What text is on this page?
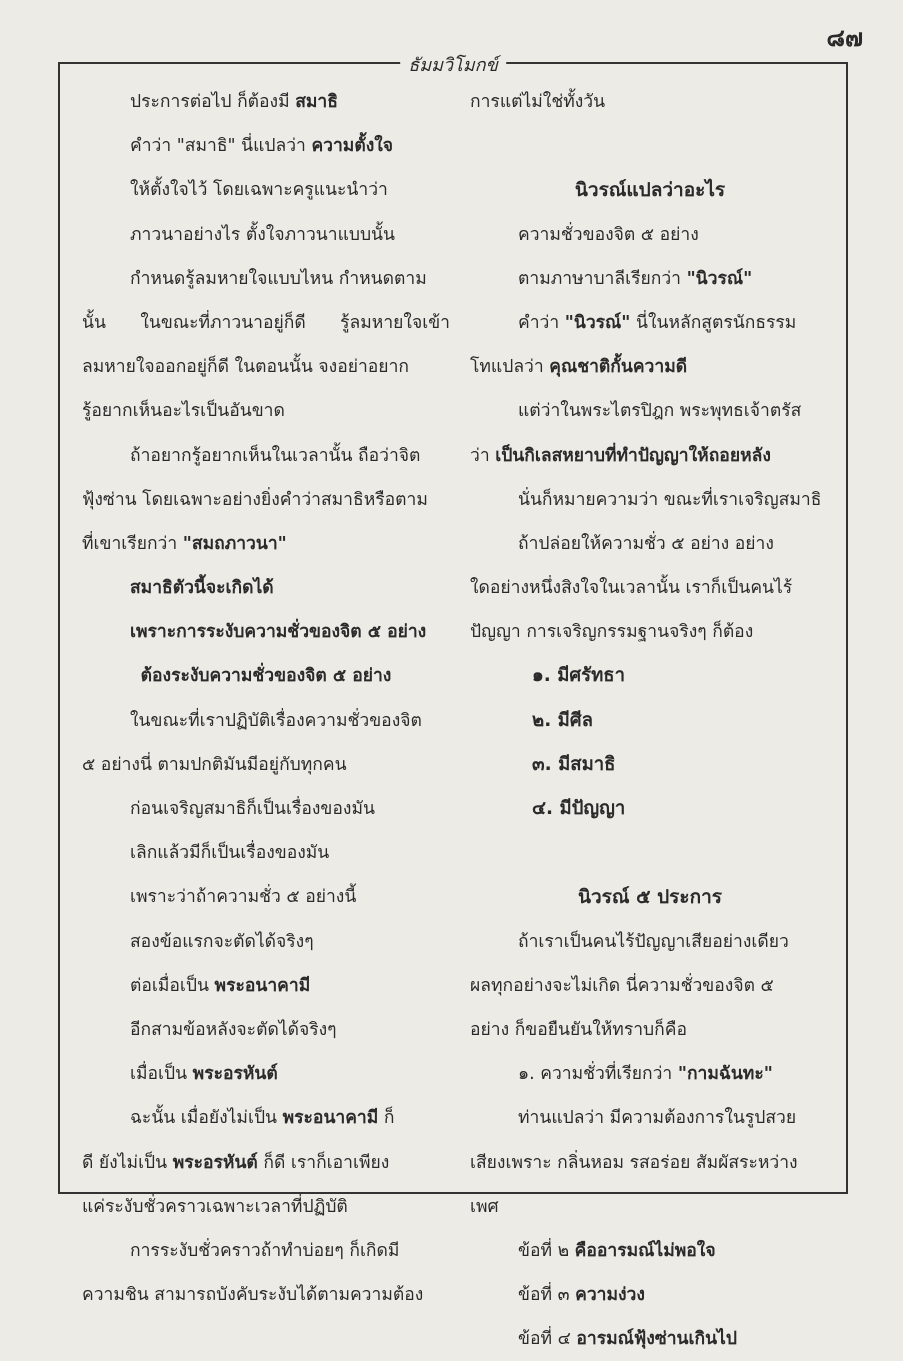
๘๗
ธัมมวิโมกข์
ประการต่อไป ก็ต้องมี สมาธิ
คำว่า "สมาธิ" นี่แปลว่า ความตั้งใจ
ให้ตั้งใจไว้ โดยเฉพาะครูแนะนำว่า
ภาวนาอย่างไร ตั้งใจภาวนาแบบนั้น
กำหนดรู้ลมหายใจแบบไหน กำหนดตาม
นั้น ในขณะที่ภาวนาอยู่ก็ดี รู้ลมหายใจเข้า
ลมหายใจออกอยู่ก็ดี ในตอนนั้น จงอย่าอยาก
รู้อยากเห็นอะไรเป็นอันขาด
ถ้าอยากรู้อยากเห็นในเวลานั้น ถือว่าจิต
ฟุ้งซ่าน โดยเฉพาะอย่างยิ่งคำว่าสมาธิหรือตาม
ที่เขาเรียกว่า "สมถภาวนา"
สมาธิตัวนี้จะเกิดได้
เพราะการระงับความชั่วของจิต ๕ อย่าง
ต้องระงับความชั่วของจิต ๕ อย่าง
ในขณะที่เราปฏิบัติเรื่องความชั่วของจิต
๕ อย่างนี่ ตามปกติมันมีอยู่กับทุกคน
ก่อนเจริญสมาธิก็เป็นเรื่องของมัน
เลิกแล้วมีก็เป็นเรื่องของมัน
เพราะว่าถ้าความชั่ว ๕ อย่างนี้
สองข้อแรกจะตัดได้จริงๆ
ต่อเมื่อเป็น พระอนาคามี
อีกสามข้อหลังจะตัดได้จริงๆ
เมื่อเป็น พระอรหันต์
ฉะนั้น เมื่อยังไม่เป็น พระอนาคามี ก็
ดี ยังไม่เป็น พระอรหันต์ ก็ดี เราก็เอาเพียง
แค่ระงับชั่วคราวเฉพาะเวลาที่ปฏิบัติ
การระงับชั่วคราวถ้าทำบ่อยๆ ก็เกิดมี
ความชิน สามารถบังคับระงับได้ตามความต้อง
การแต่ไม่ใช่ทั้งวัน
นิวรณ์แปลว่าอะไร
ความชั่วของจิต ๕ อย่าง
ตามภาษาบาลีเรียกว่า "นิวรณ์"
คำว่า "นิวรณ์" นี่ในหลักสูตรนักธรรม
โทแปลว่า คุณชาติกั้นความดี
แต่ว่าในพระไตรปิฎก พระพุทธเจ้าตรัส
ว่า เป็นกิเลสหยาบที่ทำปัญญาให้ถอยหลัง
นั่นก็หมายความว่า ขณะที่เราเจริญสมาธิ
ถ้าปล่อยให้ความชั่ว ๕ อย่าง อย่าง
ใดอย่างหนึ่งสิงใจในเวลานั้น เราก็เป็นคนไร้
ปัญญา การเจริญกรรมฐานจริงๆ ก็ต้อง
๑. มีศรัทธา
๒. มีศีล
๓. มีสมาธิ
๔. มีปัญญา
นิวรณ์ ๕ ประการ
ถ้าเราเป็นคนไร้ปัญญาเสียอย่างเดียว
ผลทุกอย่างจะไม่เกิด นี่ความชั่วของจิต ๕
อย่าง ก็ขอยืนยันให้ทราบก็คือ
๑. ความชั่วที่เรียกว่า "กามฉันทะ"
ท่านแปลว่า มีความต้องการในรูปสวย
เสียงเพราะ กลิ่นหอม รสอร่อย สัมผัสระหว่าง
เพศ
ข้อที่ ๒ คืออารมณ์ไม่พอใจ
ข้อที่ ๓ ความง่วง
ข้อที่ ๔ อารมณ์ฟุ้งซ่านเกินไป
